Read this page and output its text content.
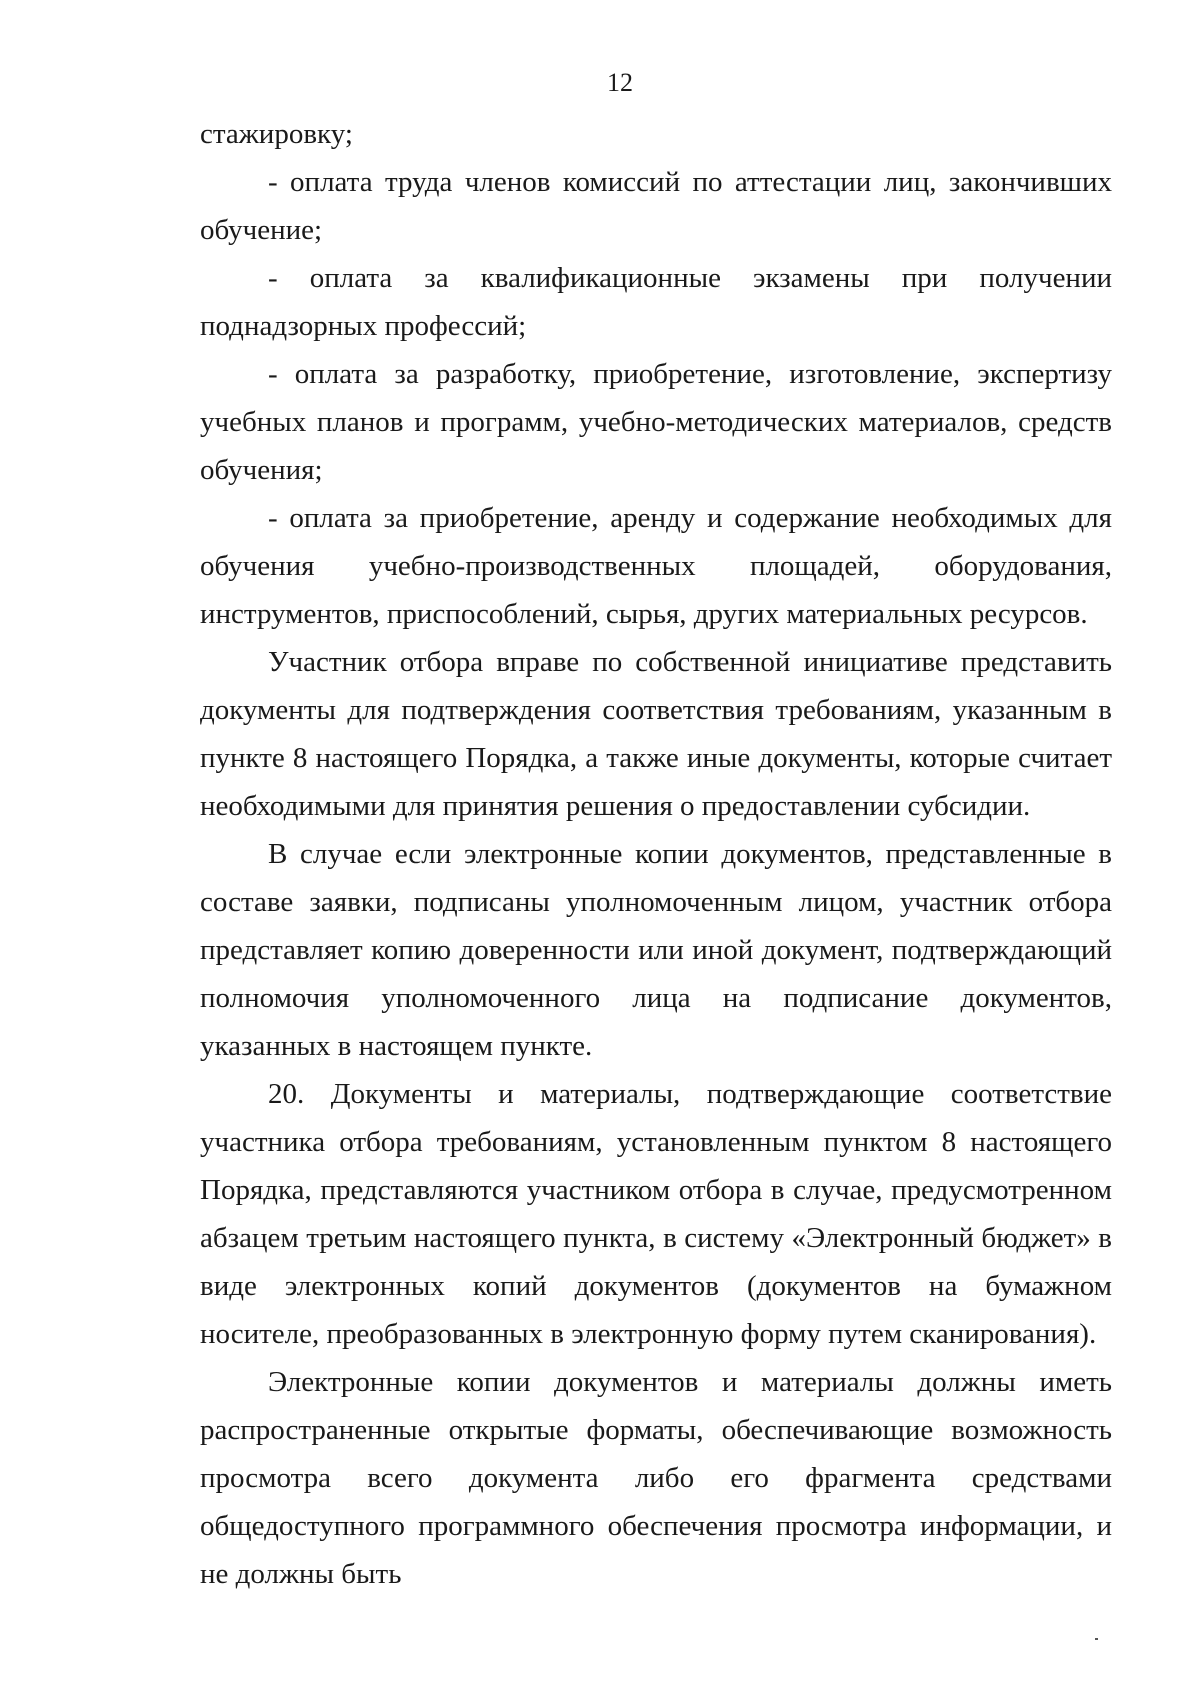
12

стажировку;

- оплата труда членов комиссий по аттестации лиц, закончивших обучение;

- оплата за квалификационные экзамены при получении поднадзорных профессий;

- оплата за разработку, приобретение, изготовление, экспертизу учебных планов и программ, учебно-методических материалов, средств обучения;

- оплата за приобретение, аренду и содержание необходимых для обучения учебно-производственных площадей, оборудования, инструментов, приспособлений, сырья, других материальных ресурсов.

Участник отбора вправе по собственной инициативе представить документы для подтверждения соответствия требованиям, указанным в пункте 8 настоящего Порядка, а также иные документы, которые считает необходимыми для принятия решения о предоставлении субсидии.

В случае если электронные копии документов, представленные в составе заявки, подписаны уполномоченным лицом, участник отбора представляет копию доверенности или иной документ, подтверждающий полномочия уполномоченного лица на подписание документов, указанных в настоящем пункте.

20. Документы и материалы, подтверждающие соответствие участника отбора требованиям, установленным пунктом 8 настоящего Порядка, представляются участником отбора в случае, предусмотренном абзацем третьим настоящего пункта, в систему «Электронный бюджет» в виде электронных копий документов (документов на бумажном носителе, преобразованных в электронную форму путем сканирования).

Электронные копии документов и материалы должны иметь распространенные открытые форматы, обеспечивающие возможность просмотра всего документа либо его фрагмента средствами общедоступного программного обеспечения просмотра информации, и не должны быть
